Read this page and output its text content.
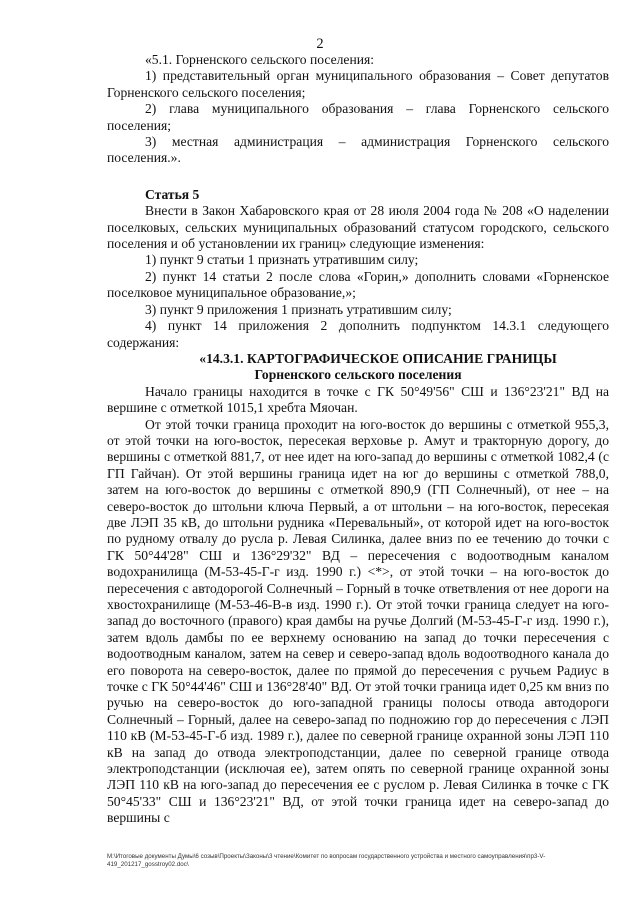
2

«5.1. Горненского сельского поселения:

1) представительный орган муниципального образования – Совет депутатов Горненского сельского поселения;

2) глава муниципального образования – глава Горненского сельского поселения;

3) местная администрация – администрация Горненского сельского поселения.».

Статья 5

Внести в Закон Хабаровского края от 28 июля 2004 года № 208 «О наделении поселковых, сельских муниципальных образований статусом городского, сельского поселения и об установлении их границ» следующие изменения:

1) пункт 9 статьи 1 признать утратившим силу;

2) пункт 14 статьи 2 после слова «Горин,» дополнить словами «Горненское поселковое муниципальное образование,»;

3) пункт 9 приложения 1 признать утратившим силу;

4) пункт 14 приложения 2 дополнить подпунктом 14.3.1 следующего содержания:

«14.3.1. КАРТОГРАФИЧЕСКОЕ ОПИСАНИЕ ГРАНИЦЫ

Горненского сельского поселения

Начало границы находится в точке с ГК 50°49'56" СШ и 136°23'21" ВД на вершине с отметкой 1015,1 хребта Мяочан.

От этой точки граница проходит на юго-восток до вершины с отметкой 955,3, от этой точки на юго-восток, пересекая верховье р. Амут и тракторную дорогу, до вершины с отметкой 881,7, от нее идет на юго-запад до вершины с отметкой 1082,4 (с ГП Гайчан). От этой вершины граница идет на юг до вершины с отметкой 788,0, затем на юго-восток до вершины с отметкой 890,9 (ГП Солнечный), от нее – на северо-восток до штольни ключа Первый, а от штольни – на юго-восток, пересекая две ЛЭП 35 кВ, до штольни рудника «Перевальный», от которой идет на юго-восток по рудному отвалу до русла р. Левая Силинка, далее вниз по ее течению до точки с ГК 50°44'28" СШ и 136°29'32" ВД – пересечения с водоотводным каналом водохранилища (М-53-45-Г-г изд. 1990 г.) <*>, от этой точки – на юго-восток до пересечения с автодорогой Солнечный – Горный в точке ответвления от нее дороги на хвостохранилище (М-53-46-В-в изд. 1990 г.). От этой точки граница следует на юго-запад до восточного (правого) края дамбы на ручье Долгий (М-53-45-Г-г изд. 1990 г.), затем вдоль дамбы по ее верхнему основанию на запад до точки пересечения с водоотводным каналом, затем на север и северо-запад вдоль водоотводного канала до его поворота на северо-восток, далее по прямой до пересечения с ручьем Радиус в точке с ГК 50°44'46" СШ и 136°28'40" ВД. От этой точки граница идет 0,25 км вниз по ручью на северо-восток до юго-западной границы полосы отвода автодороги Солнечный – Горный, далее на северо-запад по подножию гор до пересечения с ЛЭП 110 кВ (М-53-45-Г-б изд. 1989 г.), далее по северной границе охранной зоны ЛЭП 110 кВ на запад до отвода электроподстанции, далее по северной границе отвода электроподстанции (исключая ее), затем опять по северной границе охранной зоны ЛЭП 110 кВ на юго-запад до пересечения ее с руслом р. Левая Силинка в точке с ГК 50°45'33" СШ и 136°23'21" ВД, от этой точки граница идет на северо-запад до вершины с

М:\Итоговые документы Думы\6 созыв\Проекты\Законы\3 чтение\Комитет по вопросам государственного устройства и местного самоуправления\пр3-V-419_201217_gosstroy02.doc\
